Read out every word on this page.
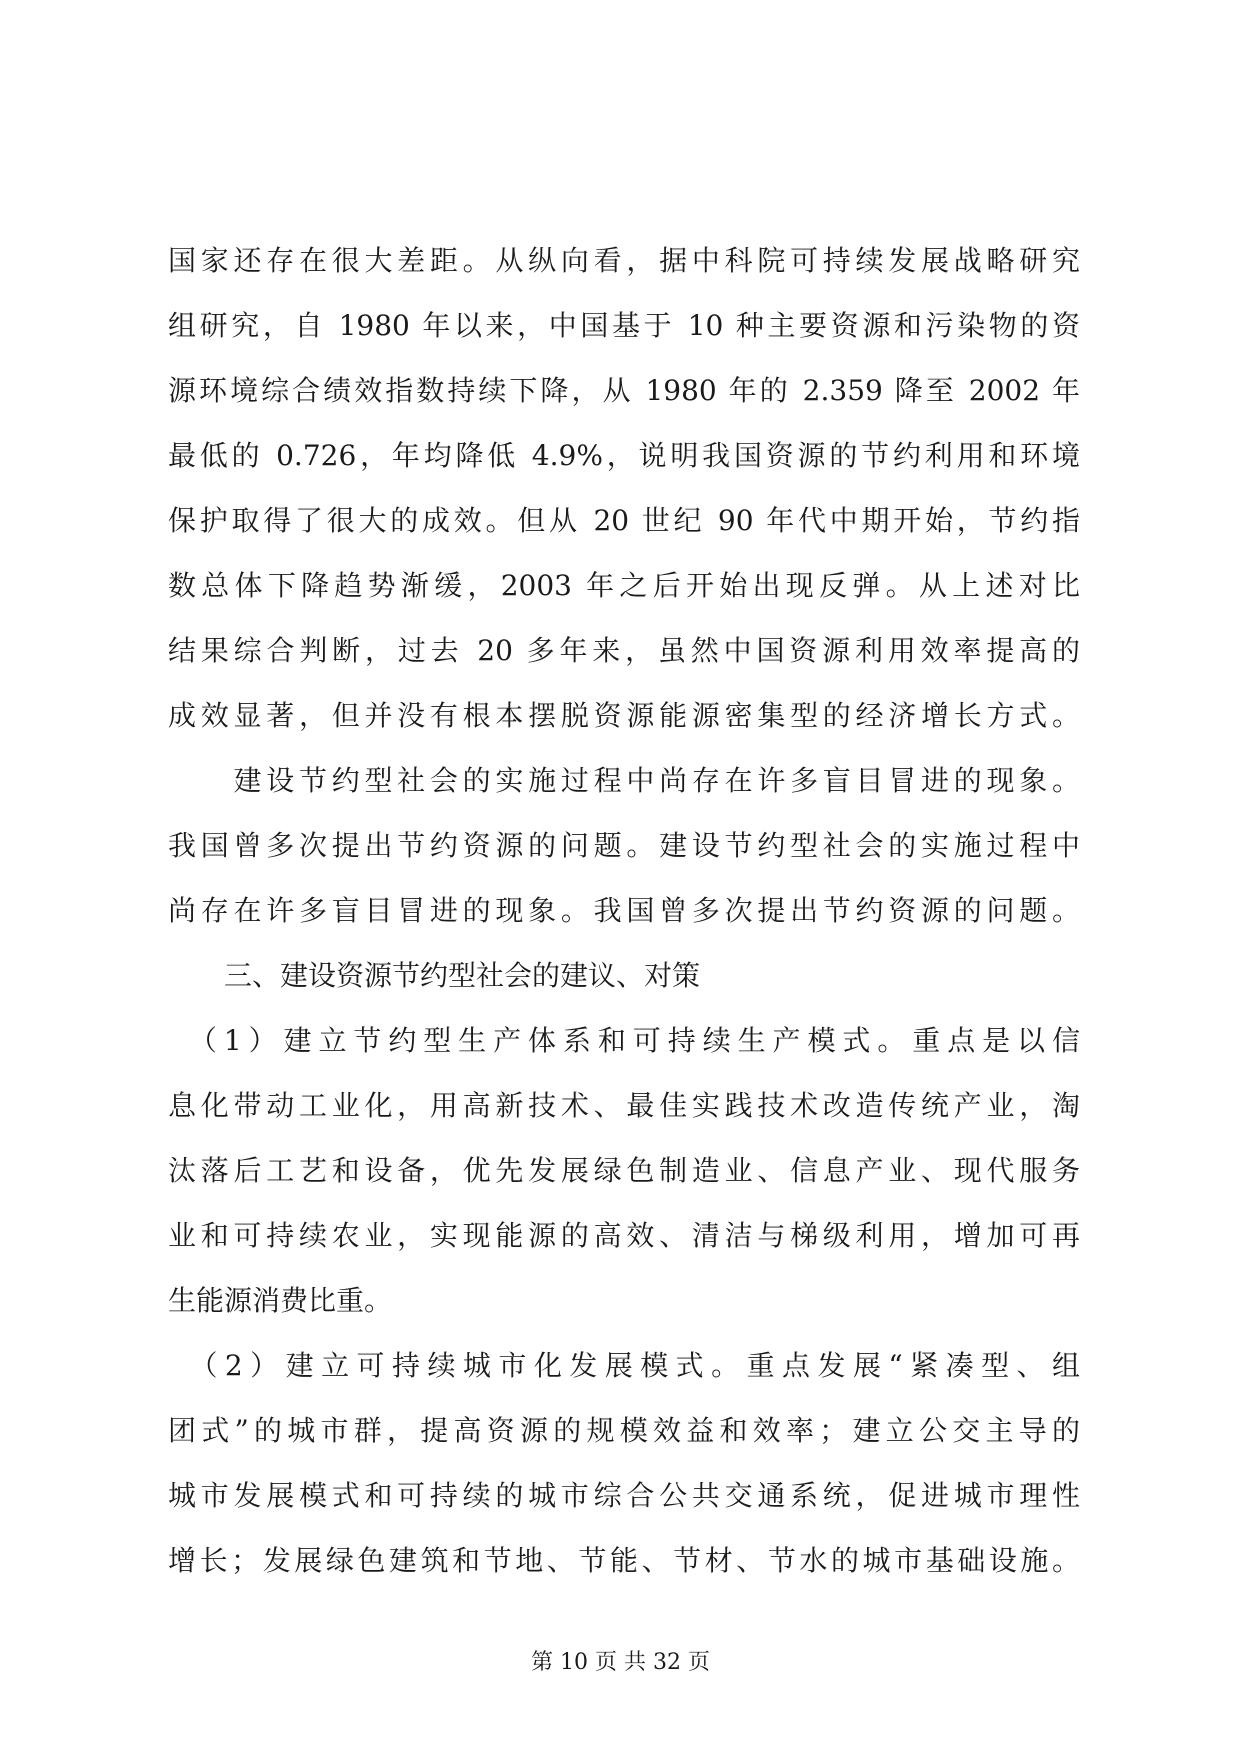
国家还存在很大差距。从纵向看，据中科院可持续发展战略研究
组研究，自 1980 年以来，中国基于 10 种主要资源和污染物的资
源环境综合绩效指数持续下降，从 1980 年的 2.359 降至 2002 年
最低的 0.726，年均降低 4.9%，说明我国资源的节约利用和环境
保护取得了很大的成效。但从 20 世纪 90 年代中期开始，节约指
数总体下降趋势渐缓，2003 年之后开始出现反弹。从上述对比
结果综合判断，过去 20 多年来，虽然中国资源利用效率提高的
成效显著，但并没有根本摆脱资源能源密集型的经济增长方式。
　　建设节约型社会的实施过程中尚存在许多盲目冒进的现象。
我国曾多次提出节约资源的问题。建设节约型社会的实施过程中
尚存在许多盲目冒进的现象。我国曾多次提出节约资源的问题。
　　三、建设资源节约型社会的建议、对策
　（1）建立节约型生产体系和可持续生产模式。重点是以信
息化带动工业化，用高新技术、最佳实践技术改造传统产业，淘
汰落后工艺和设备，优先发展绿色制造业、信息产业、现代服务
业和可持续农业，实现能源的高效、清洁与梯级利用，增加可再
生能源消费比重。
　（2）建立可持续城市化发展模式。重点发展“紧凑型、组
团式”的城市群，提高资源的规模效益和效率；建立公交主导的
城市发展模式和可持续的城市综合公共交通系统，促进城市理性
增长；发展绿色建筑和节地、节能、节材、节水的城市基础设施。
第 10 页 共 32 页
